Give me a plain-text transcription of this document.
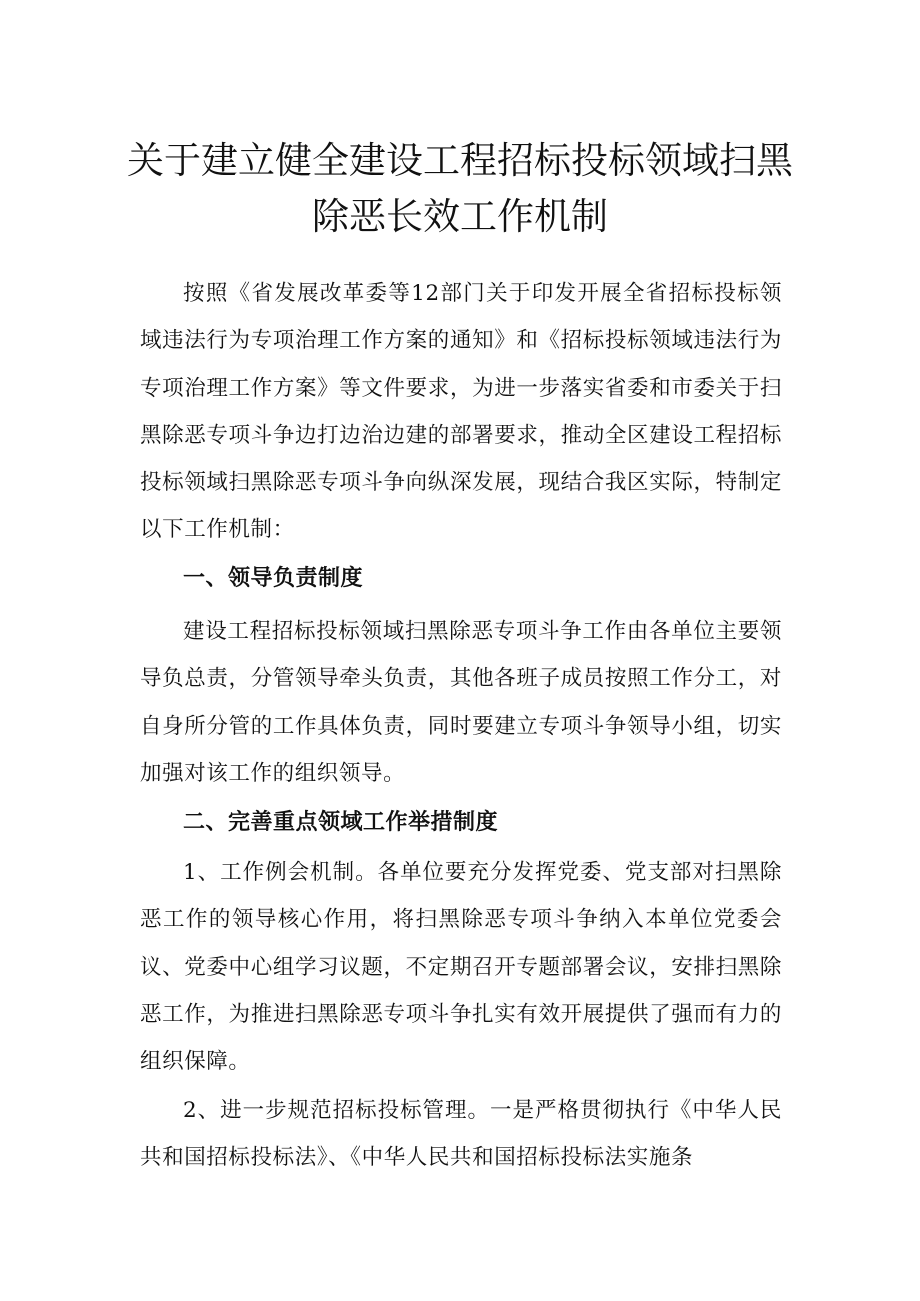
关于建立健全建设工程招标投标领域扫黑
除恶长效工作机制

按照《省发展改革委等12部门关于印发开展全省招标投标领域违法行为专项治理工作方案的通知》和《招标投标领域违法行为专项治理工作方案》等文件要求，为进一步落实省委和市委关于扫黑除恶专项斗争边打边治边建的部署要求，推动全区建设工程招标投标领域扫黑除恶专项斗争向纵深发展，现结合我区实际，特制定以下工作机制：

一、领导负责制度

建设工程招标投标领域扫黑除恶专项斗争工作由各单位主要领导负总责，分管领导牵头负责，其他各班子成员按照工作分工，对自身所分管的工作具体负责，同时要建立专项斗争领导小组，切实加强对该工作的组织领导。

二、完善重点领域工作举措制度

1、工作例会机制。各单位要充分发挥党委、党支部对扫黑除恶工作的领导核心作用，将扫黑除恶专项斗争纳入本单位党委会议、党委中心组学习议题，不定期召开专题部署会议，安排扫黑除恶工作，为推进扫黑除恶专项斗争扎实有效开展提供了强而有力的组织保障。

2、进一步规范招标投标管理。一是严格贯彻执行《中华人民共和国招标投标法》、《中华人民共和国招标投标法实施条
